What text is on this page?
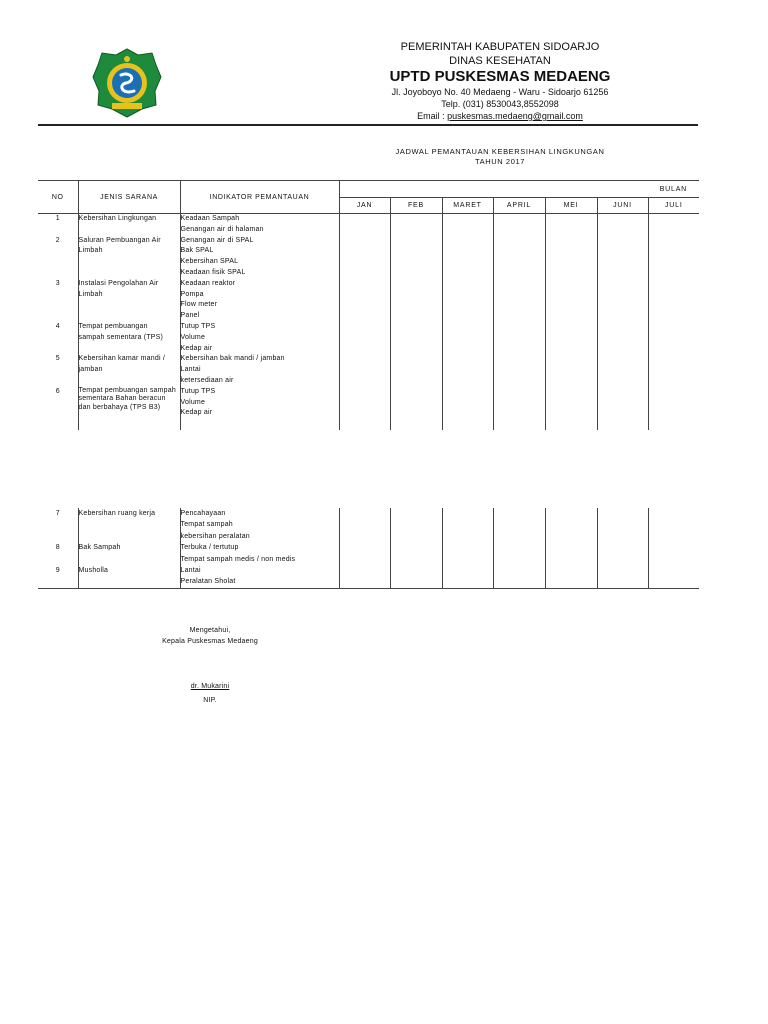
PEMERINTAH KABUPATEN SIDOARJO
DINAS KESEHATAN
UPTD PUSKESMAS MEDAENG
Jl. Joyoboyo No. 40 Medaeng - Waru - Sidoarjo 61256
Telp. (031) 8530043,8552098
Email : puskesmas.medaeng@gmail.com
JADWAL PEMANTAUAN KEBERSIHAN LINGKUNGAN
TAHUN 2017
NO	JENIS SARANA	INDIKATOR PEMANTAUAN	BULAN						
			JAN	FEB	MARET	APRIL	MEI	JUNI	JULI
1	Kebersihan Lingkungan	Keadaan Sampah							
		Genangan air di halaman							
2	Saluran Pembuangan Air	Genangan air di SPAL							
	Limbah	Bak SPAL							
		Kebersihan SPAL							
		Keadaan fisik SPAL							
3	Instalasi Pengolahan Air	Keadaan reaktor							
	Limbah	Pompa							
		Flow meter							
		Panel							
4	Tempat pembuangan	Tutup TPS							
	sampah sementara (TPS)	Volume							
		Kedap air							
5	Kebersihan kamar mandi /	Kebersihan bak mandi / jamban							
	jamban	Lantai							
		ketersediaan air							
6	Tempat pembuangan sampah sementara Bahan beracun dan berbahaya (TPS B3)	Tutup TPS							
		Volume							
		Kedap air							

7	Kebersihan ruang kerja	Pencahayaan							
		Tempat sampah							
		kebersihan peralatan							
8	Bak Sampah	Terbuka / tertutup							
		Tempat sampah medis / non medis							
9	Musholla	Lantai							
		Peralatan Sholat							
Mengetahui,
Kepala Puskesmas Medaeng
dr. Mukarini
NIP.
